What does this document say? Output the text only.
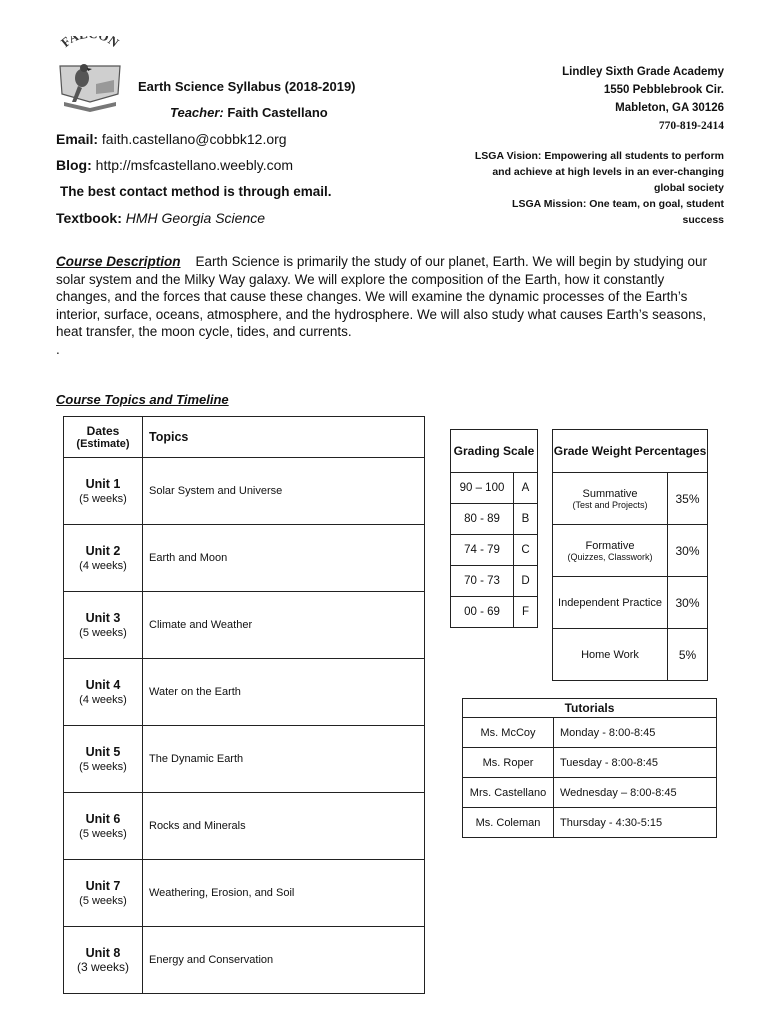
FA N
Earth Science Syllabus (2018-2019)
Teacher: Faith Castellano
Email: faith.castellano@cobbk12.org
Blog: http://msfcastellano.weebly.com
The best contact method is through email.
Textbook: HMH Georgia Science
Lindley Sixth Grade Academy
1550 Pebblebrook Cir.
Mableton, GA 30126
770-819-2414
LSGA Vision: Empowering all students to perform and achieve at high levels in an ever-changing global society
LSGA Mission: One team, on goal, student success
Course Description Earth Science is primarily the study of our planet, Earth. We will begin by studying our solar system and the Milky Way galaxy. We will explore the composition of the Earth, how it constantly changes, and the forces that cause these changes. We will examine the dynamic processes of the Earth’s interior, surface, oceans, atmosphere, and the hydrosphere. We will also study what causes Earth’s seasons, heat transfer, the moon cycle, tides, and currents.
.
Course Topics and Timeline
Dates
(Estimate)	Topics

Unit 1
(5 weeks)	Solar System and Universe

Unit 2
(4 weeks)	Earth and Moon

Unit 3
(5 weeks)	Climate and Weather

Unit 4
(4 weeks)	Water on the Earth

Unit 5
(5 weeks)	The Dynamic Earth

Unit 6
(5 weeks)	Rocks and Minerals

Unit 7
(5 weeks)	Weathering, Erosion, and Soil

Unit 8
(3 weeks)	Energy and Conservation
Grading Scale	
90 – 100	A
80 - 89	B
74 - 79	C
70 - 73	D
00 - 69	F
Grade Weight Percentages	

Summative
(Test and Projects)	35%

Formative
(Quizzes, Classwork)	30%

Independent Practice	30%

Home Work	5%
Tutorials	
Ms. McCoy	Monday - 8:00-8:45
Ms. Roper	Tuesday - 8:00-8:45
Mrs. Castellano	Wednesday – 8:00-8:45
Ms. Coleman	Thursday - 4:30-5:15
